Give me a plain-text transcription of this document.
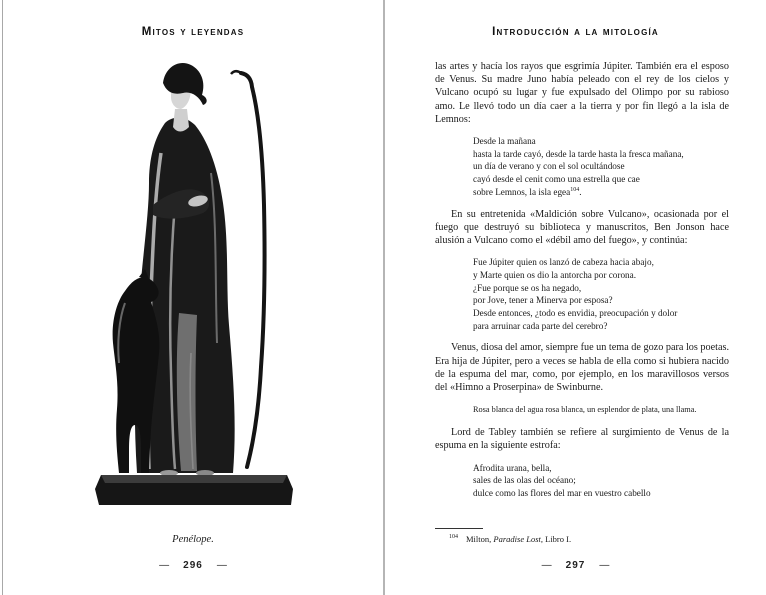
Mitos y leyendas
Penélope.
— 296 —
Introducción a la mitología

las artes y hacía los rayos que esgrimía Júpiter. También era el esposo de Venus. Su madre Juno había peleado con el rey de los cielos y Vulcano ocupó su lugar y fue expulsado del Olimpo por su rabioso amo. Le llevó todo un día caer a la tierra y por fin llegó a la isla de Lemnos:

Desde la mañana
hasta la tarde cayó, desde la tarde hasta la fresca mañana,
un día de verano y con el sol ocultándose
cayó desde el cenit como una estrella que cae
sobre Lemnos, la isla egea$^{104}$.

En su entretenida «Maldición sobre Vulcano», ocasionada por el fuego que destruyó su biblioteca y manuscritos, Ben Jonson hace alusión a Vulcano como el «débil amo del fuego», y continúa:

Fue Júpiter quien os lanzó de cabeza hacia abajo,
y Marte quien os dio la antorcha por corona.
¿Fue porque se os ha negado,
por Jove, tener a Minerva por esposa?
Desde entonces, ¿todo es envidia, preocupación y dolor
para arruinar cada parte del cerebro?

Venus, diosa del amor, siempre fue un tema de gozo para los poetas. Era hija de Júpiter, pero a veces se habla de ella como si hubiera nacido de la espuma del mar, como, por ejemplo, en los maravillosos versos del «Himno a Proserpina» de Swinburne.

Rosa blanca del agua rosa blanca, un esplendor de plata, una llama.

Lord de Tabley también se refiere al surgimiento de Venus de la espuma en la siguiente estrofa:

Afrodita urana, bella,
sales de las olas del océano;
dulce como las flores del mar en vuestro cabello
$^{104}$ Milton, Paradise Lost, Libro I.
— 297 —
